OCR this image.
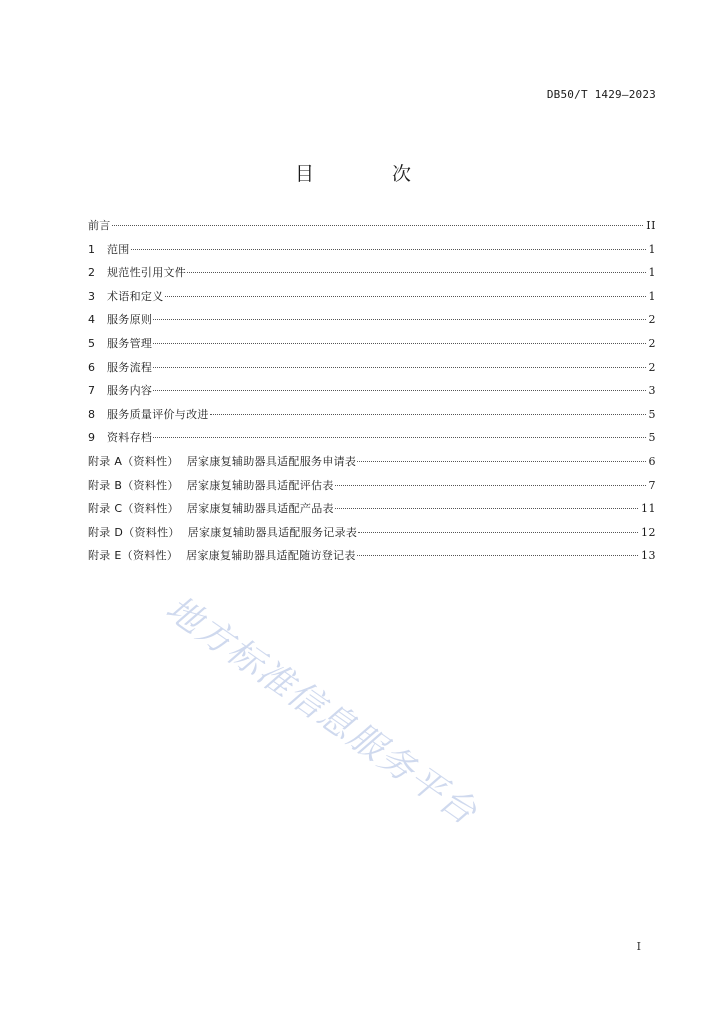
DB50/T 1429—2023
目 次
前言	II
1	范围	1
2	规范性引用文件	1
3	术语和定义	1
4	服务原则	2
5	服务管理	2
6	服务流程	2
7	服务内容	3
8	服务质量评价与改进	5
9	资料存档	5
附录 A（资料性） 居家康复辅助器具适配服务申请表	6
附录 B（资料性） 居家康复辅助器具适配评估表	7
附录 C（资料性） 居家康复辅助器具适配产品表	11
附录 D（资料性） 居家康复辅助器具适配服务记录表	12
附录 E（资料性） 居家康复辅助器具适配随访登记表	13
地方标准信息服务平台
I
